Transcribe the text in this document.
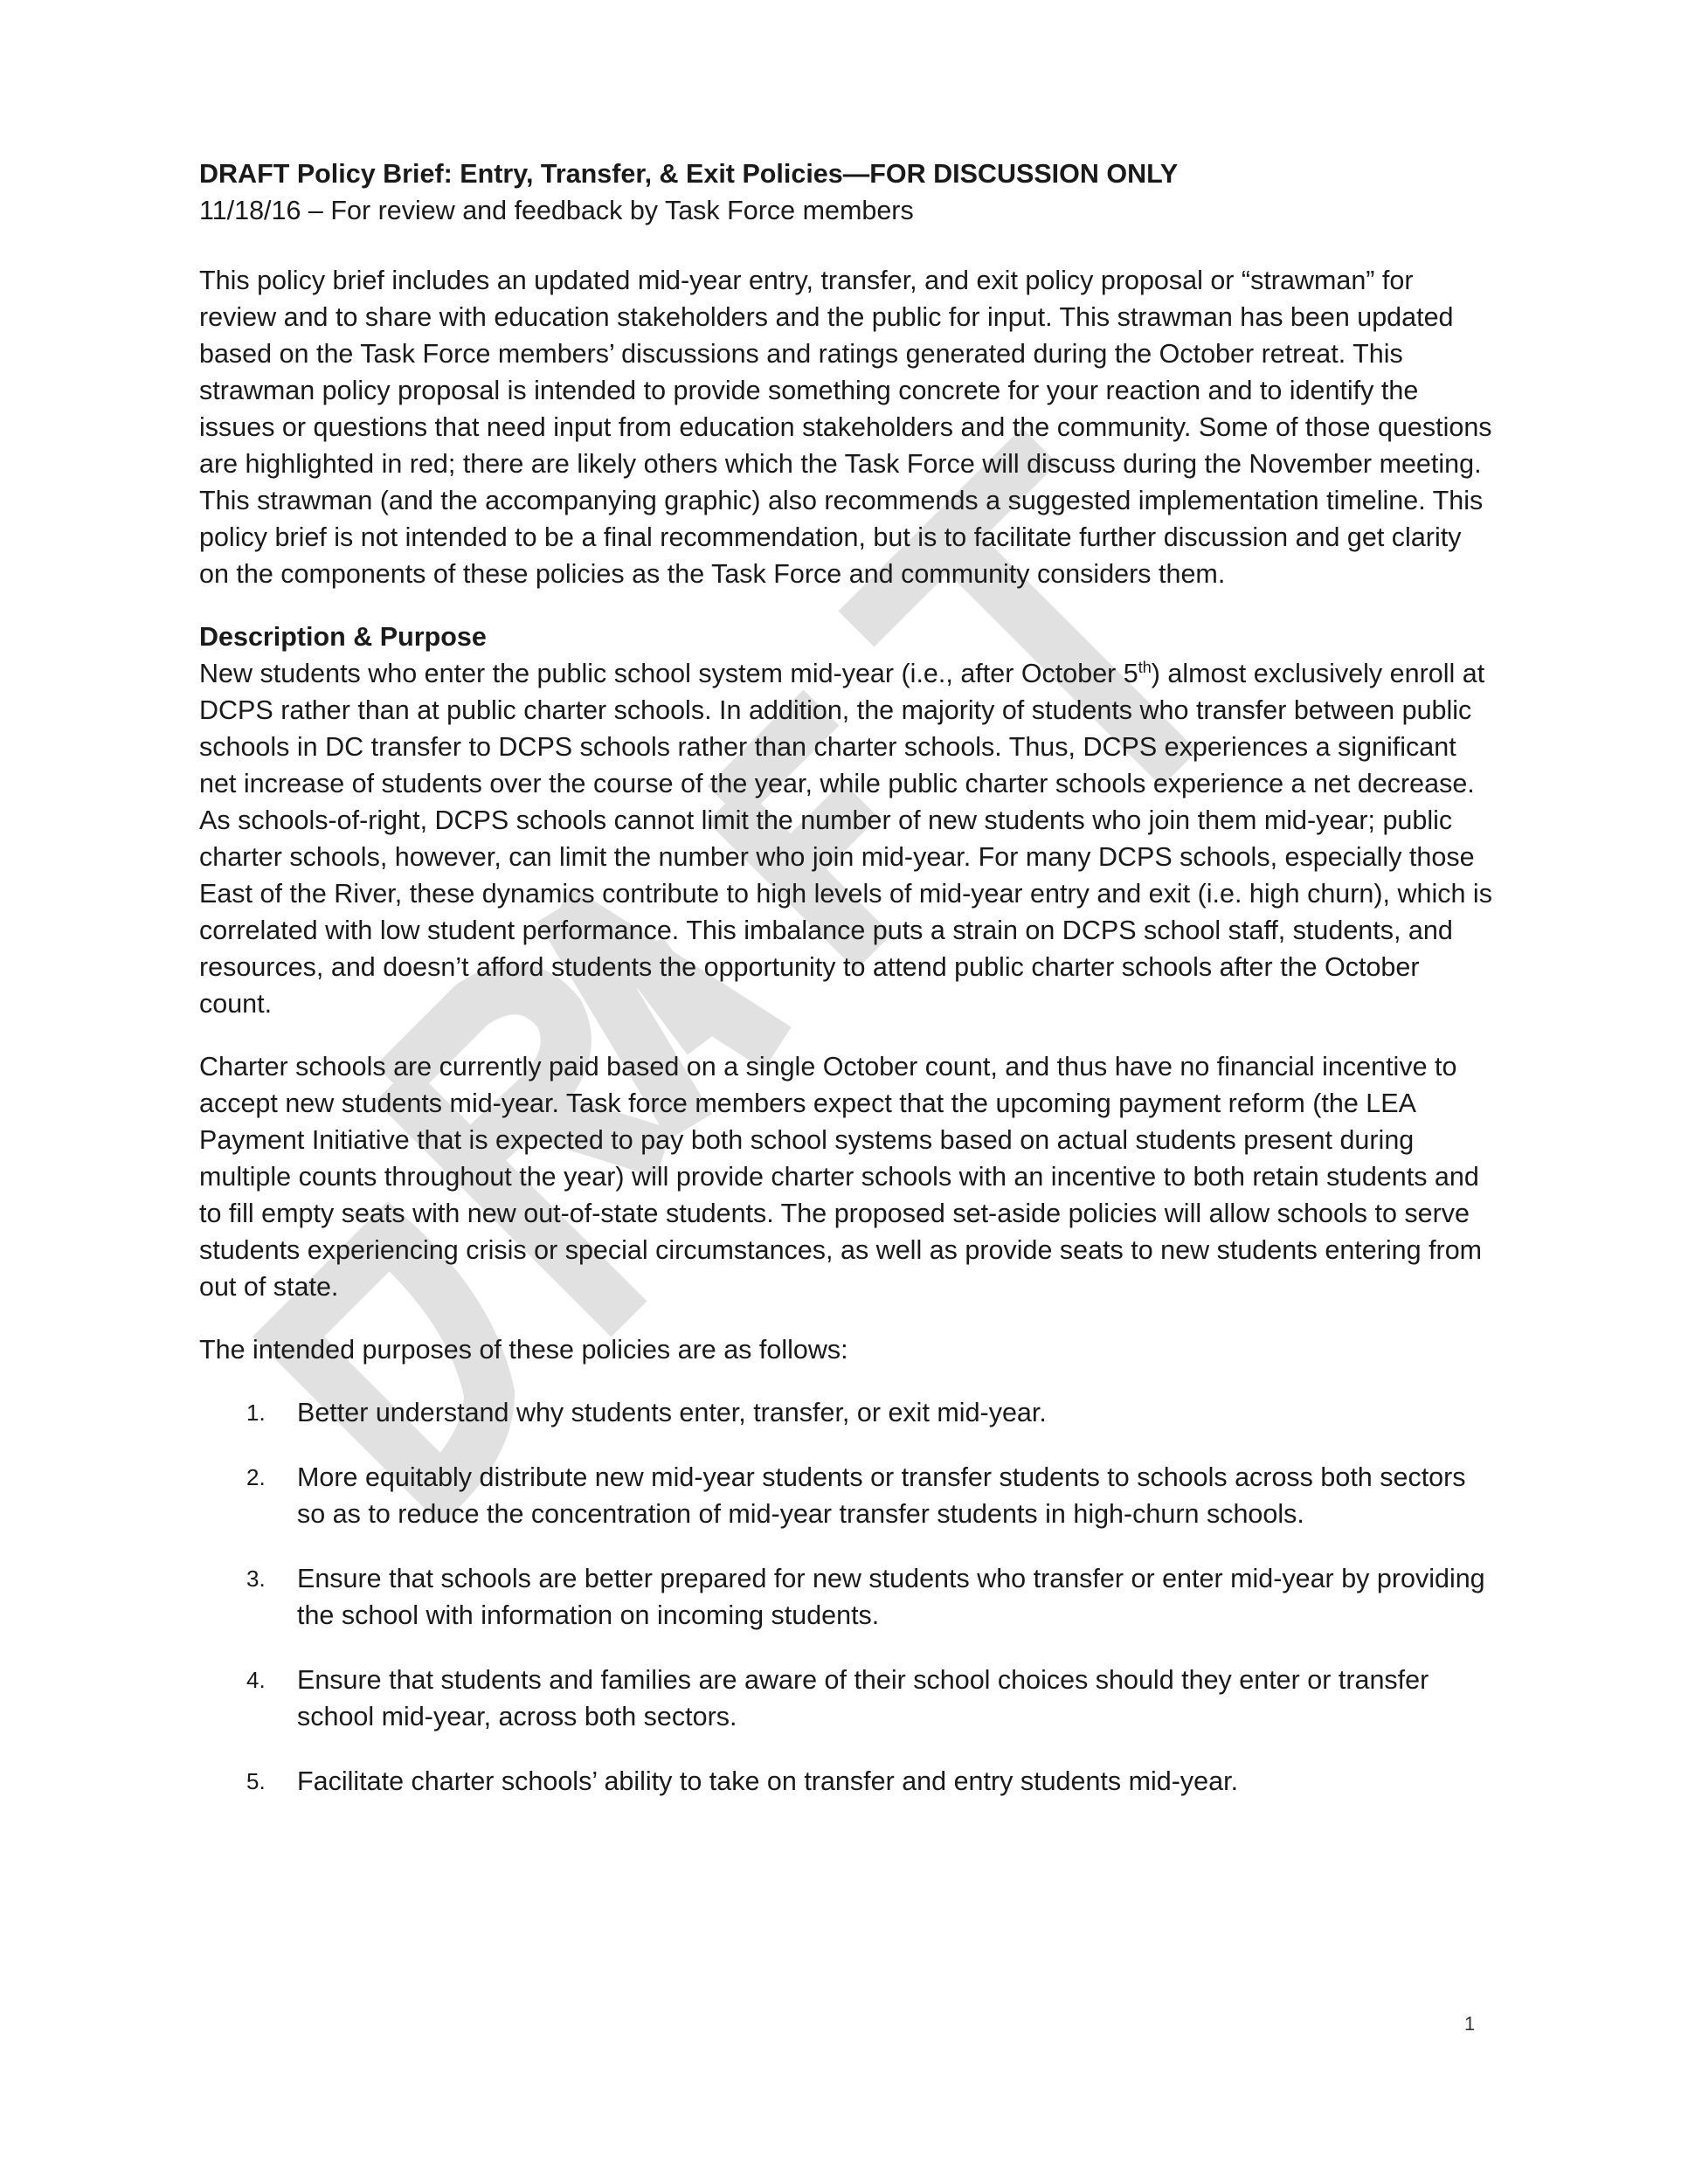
DRAFT Policy Brief: Entry, Transfer, & Exit Policies—FOR DISCUSSION ONLY
11/18/16 – For review and feedback by Task Force members

This policy brief includes an updated mid-year entry, transfer, and exit policy proposal or “strawman” for review and to share with education stakeholders and the public for input. This strawman has been updated based on the Task Force members’ discussions and ratings generated during the October retreat. This strawman policy proposal is intended to provide something concrete for your reaction and to identify the issues or questions that need input from education stakeholders and the community. Some of those questions are highlighted in red; there are likely others which the Task Force will discuss during the November meeting. This strawman (and the accompanying graphic) also recommends a suggested implementation timeline. This policy brief is not intended to be a final recommendation, but is to facilitate further discussion and get clarity on the components of these policies as the Task Force and community considers them.

Description & Purpose

New students who enter the public school system mid-year (i.e., after October 5th) almost exclusively enroll at DCPS rather than at public charter schools. In addition, the majority of students who transfer between public schools in DC transfer to DCPS schools rather than charter schools. Thus, DCPS experiences a significant net increase of students over the course of the year, while public charter schools experience a net decrease. As schools-of-right, DCPS schools cannot limit the number of new students who join them mid-year; public charter schools, however, can limit the number who join mid-year. For many DCPS schools, especially those East of the River, these dynamics contribute to high levels of mid-year entry and exit (i.e. high churn), which is correlated with low student performance. This imbalance puts a strain on DCPS school staff, students, and resources, and doesn’t afford students the opportunity to attend public charter schools after the October count.

Charter schools are currently paid based on a single October count, and thus have no financial incentive to accept new students mid-year. Task force members expect that the upcoming payment reform (the LEA Payment Initiative that is expected to pay both school systems based on actual students present during multiple counts throughout the year) will provide charter schools with an incentive to both retain students and to fill empty seats with new out-of-state students. The proposed set-aside policies will allow schools to serve students experiencing crisis or special circumstances, as well as provide seats to new students entering from out of state.

The intended purposes of these policies are as follows:

1. Better understand why students enter, transfer, or exit mid-year.
2. More equitably distribute new mid-year students or transfer students to schools across both sectors so as to reduce the concentration of mid-year transfer students in high-churn schools.
3. Ensure that schools are better prepared for new students who transfer or enter mid-year by providing the school with information on incoming students.
4. Ensure that students and families are aware of their school choices should they enter or transfer school mid-year, across both sectors.
5. Facilitate charter schools’ ability to take on transfer and entry students mid-year.
1
